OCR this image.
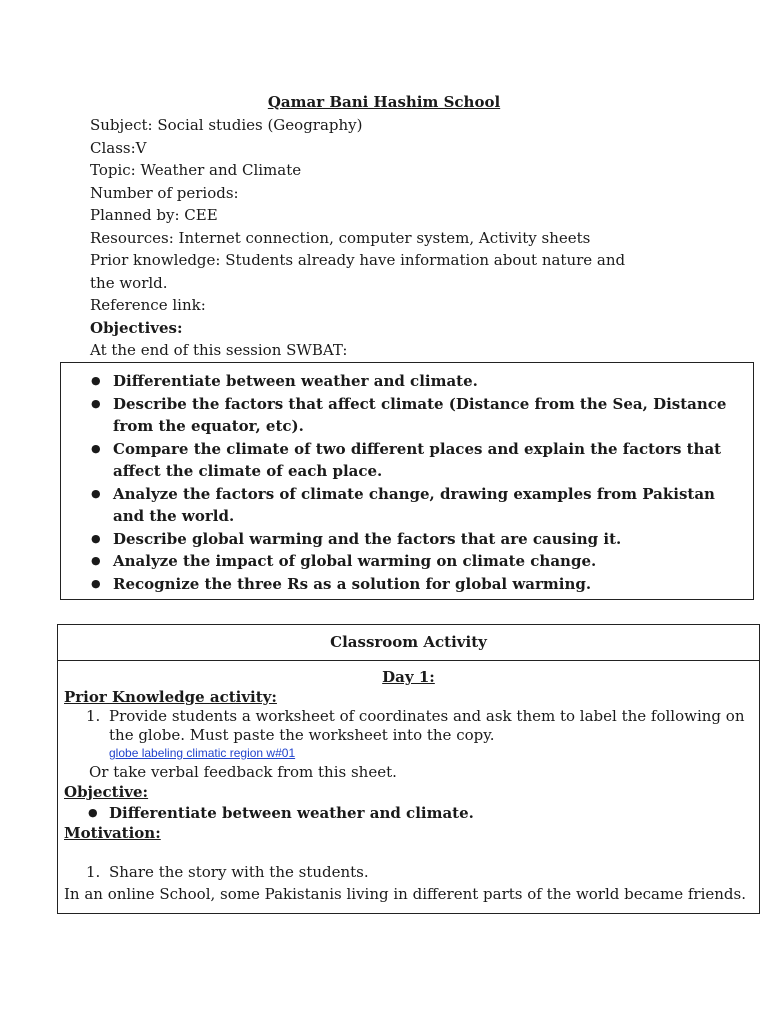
Qamar Bani Hashim School
Subject: Social studies (Geography)
Class:V
Topic: Weather and Climate
Number of periods:
Planned by: CEE
Resources: Internet connection, computer system, Activity sheets
Prior knowledge: Students already have information about nature and the world.
Reference link:
Objectives:
At the end of this session SWBAT:
● Differentiate between weather and climate.
● Describe the factors that affect climate (Distance from the Sea, Distance from the equator, etc).
● Compare the climate of two different places and explain the factors that affect the climate of each place.
● Analyze the factors of climate change, drawing examples from Pakistan and the world.
● Describe global warming and the factors that are causing it.
● Analyze the impact of global warming on climate change.
● Recognize the three Rs as a solution for global warming.
Classroom Activity
Day 1:
Prior Knowledge activity:
1. Provide students a worksheet of coordinates and ask them to label the following on the globe. Must paste the worksheet into the copy.
globe labeling climatic region w#01
Or take verbal feedback from this sheet.
Objective:
● Differentiate between weather and climate.
Motivation:
1. Share the story with the students.
In an online School, some Pakistanis living in different parts of the world became friends.
